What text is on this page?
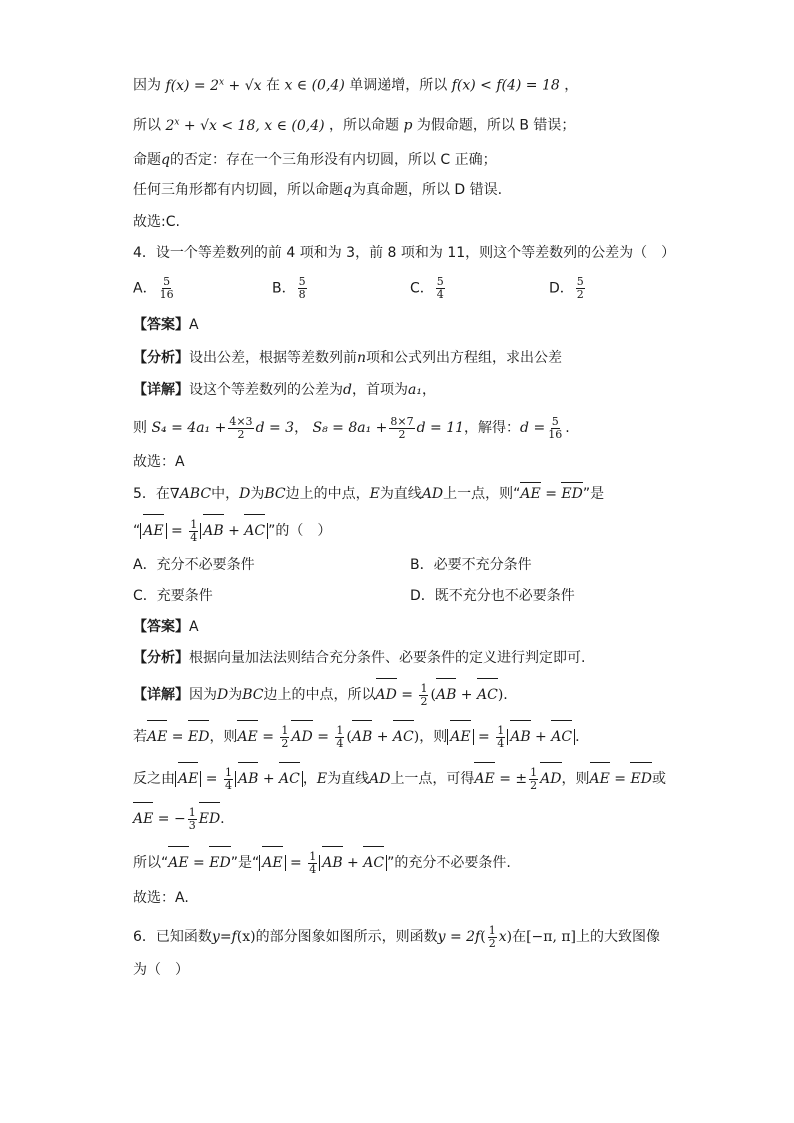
因为 $f(x) = 2^x + √x$ 在 x ∈ (0,4) 单调递增，所以 f(x) < f(4) = 18 ，
所以 $2^x + √x < 18$, x ∈ (0,4) ，所以命题 p 为假命题，所以 B 错误；
命题q的否定：存在一个三角形没有内切圆，所以 C 正确；
任何三角形都有内切圆，所以命题q为真命题，所以 D 错误.
故选:C.
4．设一个等差数列的前 4 项和为 3，前 8 项和为 11，则这个等差数列的公差为（　）
A． $\frac{5}{16}$	B． $\frac{5}{8}$	C． $\frac{5}{4}$	D． $\frac{5}{2}$
【答案】A
【分析】设出公差，根据等差数列前n项和公式列出方程组，求出公差
【详解】设这个等差数列的公差为d，首项为a₁，
则 $S_4 = 4a_1 + \frac{4\times 3}{2}$ d = 3， $S_8 = 8a_1 + \frac{8\times 7}{2}$ d = 11，解得：$d = \frac{5}{16}$ .
故选：A
5．在∇ABC中，D为BC边上的中点，E为直线AD上一点，则“AE = ED”是
“ AE = $\frac{1}{4}$ AB + AC ”的（　）
A．充分不必要条件	B．必要不充分条件
C．充要条件	D．既不充分也不必要条件
【答案】A
【分析】根据向量加法法则结合充分条件、必要条件的定义进行判定即可.
【详解】因为D为BC边上的中点，所以AD = $\frac{1}{2} (AB + AC)$.
若AE = ED，则AE = $\frac{1}{2}$ AD = $\frac{1}{4} (AB + AC)$，则 AE = $\frac{1}{4}$ AB + AC .
反之由 AE = $\frac{1}{4}$ AB + AC ，E为直线AD上一点，可得AE = ± $\frac{1}{2}$ AD，则AE = ED或
AE = − $\frac{1}{3}$ ED.
所以“AE = ED”是“ AE = $\frac{1}{4}$ AB + AC ”的充分不必要条件.
故选：A.
6．已知函数y=f(x)的部分图象如图所示，则函数$y = 2f( \frac{1}{2} x)$在[−π, π]上的大致图像
为（　）
